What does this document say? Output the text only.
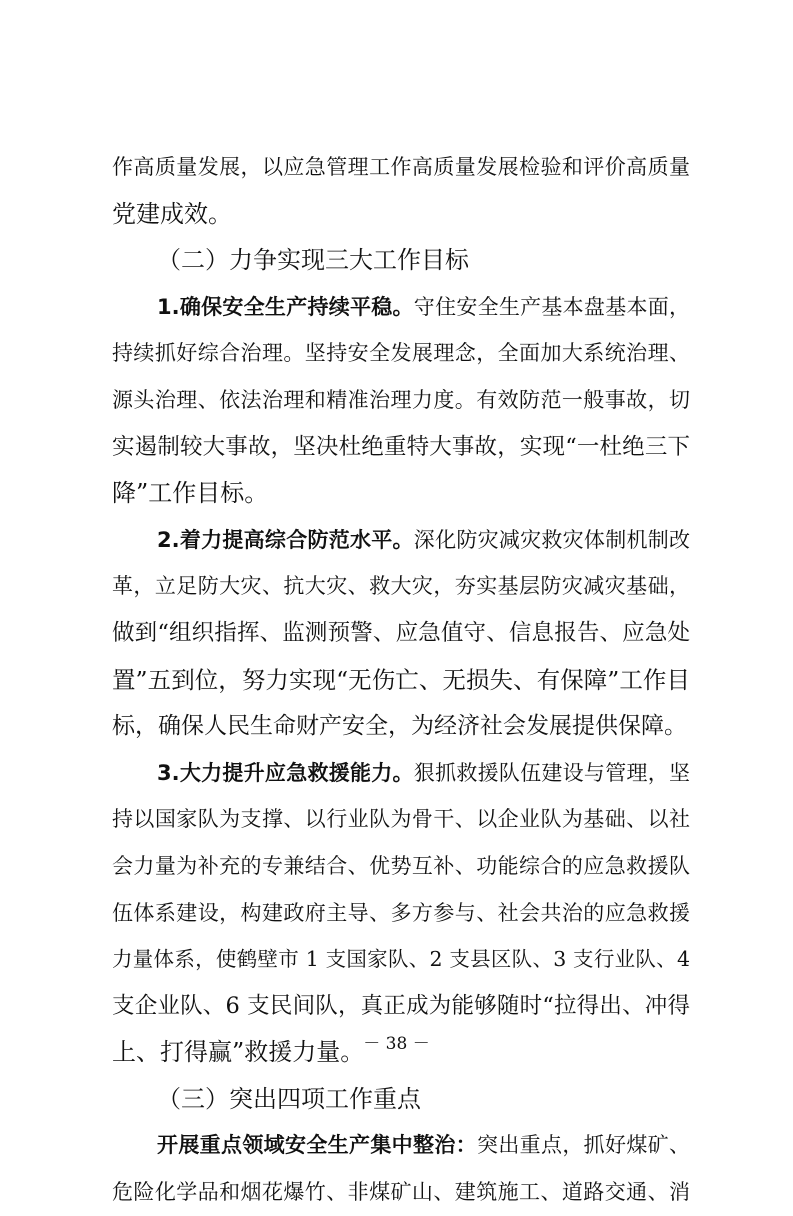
作高质量发展，以应急管理工作高质量发展检验和评价高质量
党建成效。
（二）力争实现三大工作目标
1.确保安全生产持续平稳。守住安全生产基本盘基本面，
持续抓好综合治理。坚持安全发展理念，全面加大系统治理、
源头治理、依法治理和精准治理力度。有效防范一般事故，切
实遏制较大事故，坚决杜绝重特大事故，实现“一杜绝三下
降”工作目标。
2.着力提高综合防范水平。深化防灾减灾救灾体制机制改
革，立足防大灾、抗大灾、救大灾，夯实基层防灾减灾基础，
做到“组织指挥、监测预警、应急值守、信息报告、应急处
置”五到位，努力实现“无伤亡、无损失、有保障”工作目
标，确保人民生命财产安全，为经济社会发展提供保障。
3.大力提升应急救援能力。狠抓救援队伍建设与管理，坚
持以国家队为支撑、以行业队为骨干、以企业队为基础、以社
会力量为补充的专兼结合、优势互补、功能综合的应急救援队
伍体系建设，构建政府主导、多方参与、社会共治的应急救援
力量体系，使鹤壁市 1 支国家队、2 支县区队、3 支行业队、4
支企业队、6 支民间队，真正成为能够随时“拉得出、冲得
上、打得赢”救援力量。
（三）突出四项工作重点
开展重点领域安全生产集中整治：突出重点，抓好煤矿、
危险化学品和烟花爆竹、非煤矿山、建筑施工、道路交通、消
－ 38 －
